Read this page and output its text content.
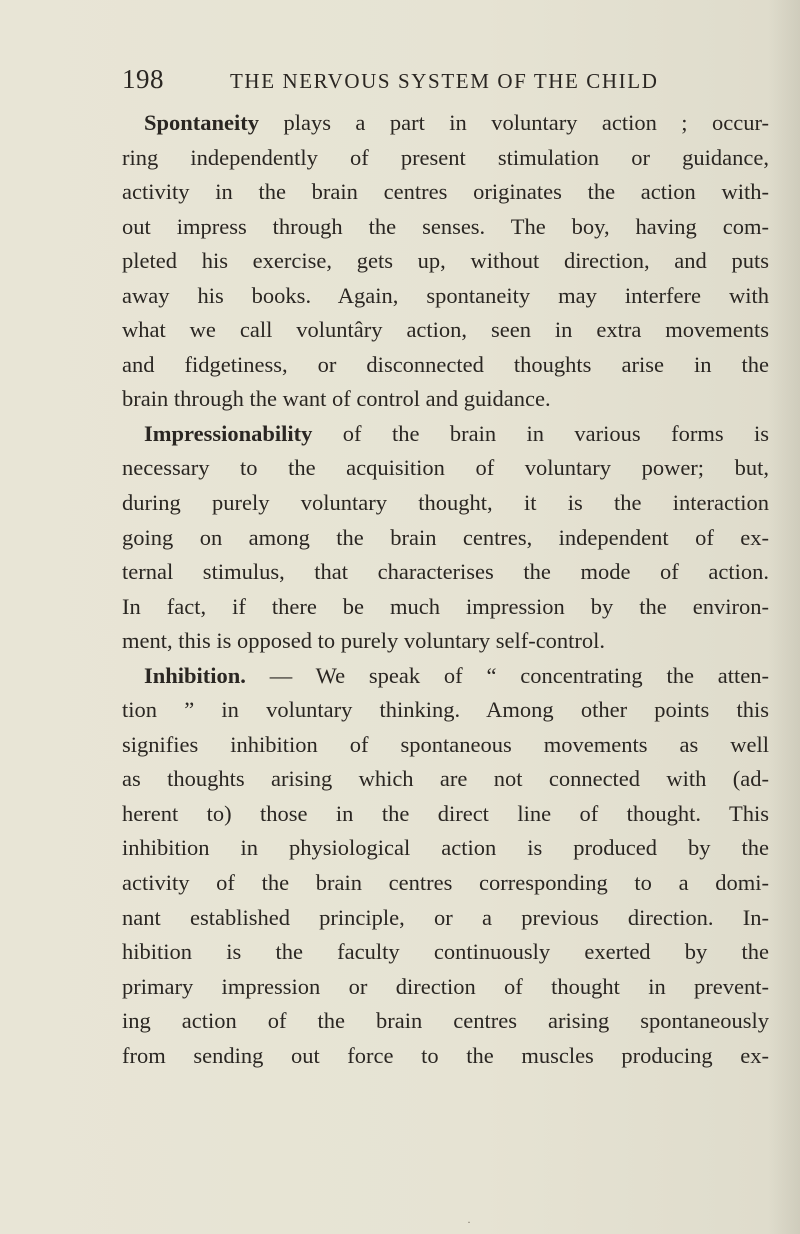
198	THE NERVOUS SYSTEM OF THE CHILD
Spontaneity plays a part in voluntary action ; occur-
ring independently of present stimulation or guidance,
activity in the brain centres originates the action with-
out impress through the senses. The boy, having com-
pleted his exercise, gets up, without direction, and puts
away his books. Again, spontaneity may interfere with
what we call voluntâry action, seen in extra movements
and fidgetiness, or disconnected thoughts arise in the
brain through the want of control and guidance.
Impressionability of the brain in various forms is
necessary to the acquisition of voluntary power; but,
during purely voluntary thought, it is the interaction
going on among the brain centres, independent of ex-
ternal stimulus, that characterises the mode of action.
In fact, if there be much impression by the environ-
ment, this is opposed to purely voluntary self-control.
Inhibition. — We speak of “ concentrating the atten-
tion ” in voluntary thinking. Among other points this
signifies inhibition of spontaneous movements as well
as thoughts arising which are not connected with (ad-
herent to) those in the direct line of thought. This
inhibition in physiological action is produced by the
activity of the brain centres corresponding to a domi-
nant established principle, or a previous direction. In-
hibition is the faculty continuously exerted by the
primary impression or direction of thought in prevent-
ing action of the brain centres arising spontaneously
from sending out force to the muscles producing ex-
·
